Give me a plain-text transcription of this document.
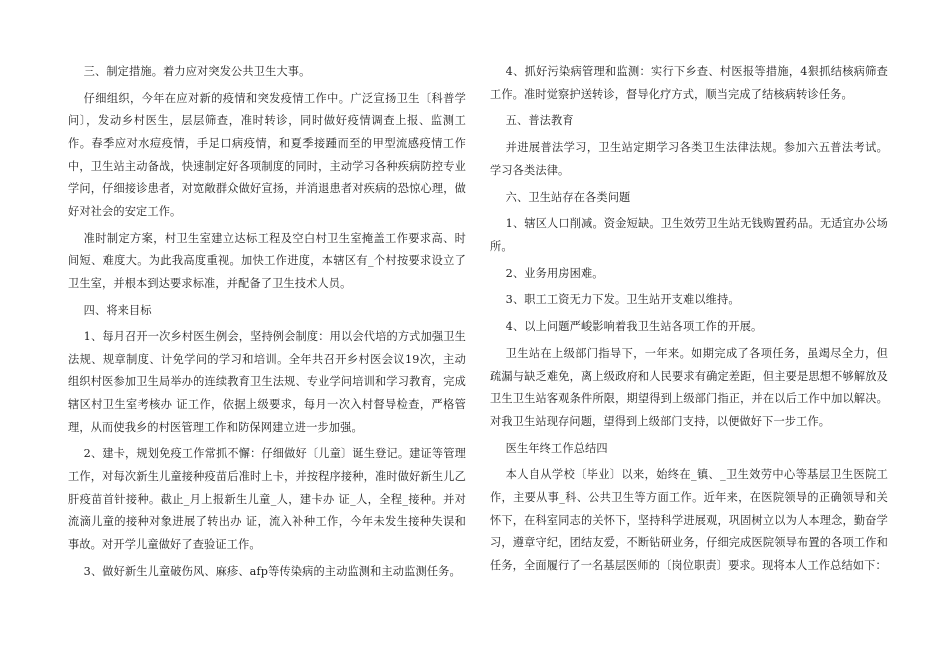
三、制定措施。着力应对突发公共卫生大事。

仔细组织，今年在应对新的疫情和突发疫情工作中。广泛宣扬卫生〔科普学问〕，发动乡村医生，层层筛查，准时转诊，同时做好疫情调查上报、监测工作。春季应对水痘疫情，手足口病疫情，和夏季接踵而至的甲型流感疫情工作中，卫生站主动备战，快速制定好各项制度的同时，主动学习各种疾病防控专业学问，仔细接诊患者，对宽敞群众做好宣扬，并消退患者对疾病的恐惊心理，做好对社会的安定工作。

准时制定方案，村卫生室建立达标工程及空白村卫生室掩盖工作要求高、时间短、难度大。为此我高度重视。加快工作进度，本辖区有_个村按要求设立了卫生室，并根本到达要求标准，并配备了卫生技术人员。

四、将来目标

1、每月召开一次乡村医生例会，坚持例会制度：用以会代培的方式加强卫生法规、规章制度、计免学问的学习和培训。全年共召开乡村医会议19次，主动组织村医参加卫生局举办的连续教育卫生法规、专业学问培训和学习教育，完成辖区村卫生室考核办 证工作，依据上级要求，每月一次入村督导检查，严格管理，从而使我乡的村医管理工作和防保网建立进一步加强。

2、建卡，规划免疫工作常抓不懈：仔细做好〔儿童〕诞生登记。建证等管理工作，对每次新生儿童接种疫苗后准时上卡，并按程序接种，准时做好新生儿乙肝疫苗首针接种。截止_月上报新生儿童_人，建卡办 证_人，全程_接种。并对流滴儿童的接种对象进展了转出办 证，流入补种工作，今年未发生接种失误和事故。对开学儿童做好了查验证工作。

3、做好新生儿童破伤风、麻疹、afp等传染病的主动监测和主动监测任务。

4、抓好污染病管理和监测：实行下乡查、村医报等措施，4狠抓结核病筛查工作。准时觉察护送转诊，督导化疗方式，顺当完成了结核病转诊任务。

五、普法教育

并进展普法学习，卫生站定期学习各类卫生法律法规。参加六五普法考试。学习各类法律。

六、卫生站存在各类问题

1、辖区人口削减。资金短缺。卫生效劳卫生站无钱购置药品。无适宜办公场所。

2、业务用房困难。

3、职工工资无力下发。卫生站开支难以维持。

4、以上问题严峻影响着我卫生站各项工作的开展。

卫生站在上级部门指导下，一年来。如期完成了各项任务，虽竭尽全力，但疏漏与缺乏难免，离上级政府和人民要求有确定差距，但主要是思想不够解放及卫生卫生站客观条件所限，期望得到上级部门指正，并在以后工作中加以解决。对我卫生站现存问题，望得到上级部门支持，以便做好下一步工作。

医生年终工作总结四

本人自从学校〔毕业〕以来，始终在_镇、_卫生效劳中心等基层卫生医院工作，主要从事_科、公共卫生等方面工作。近年来，在医院领导的正确领导和关怀下，在科室同志的关怀下，坚持科学进展观，巩固树立以为人本理念，勤奋学习，遵章守纪，团结友爱，不断钻研业务，仔细完成医院领导布置的各项工作和任务，全面履行了一名基层医师的〔岗位职责〕要求。现将本人工作总结如下：
